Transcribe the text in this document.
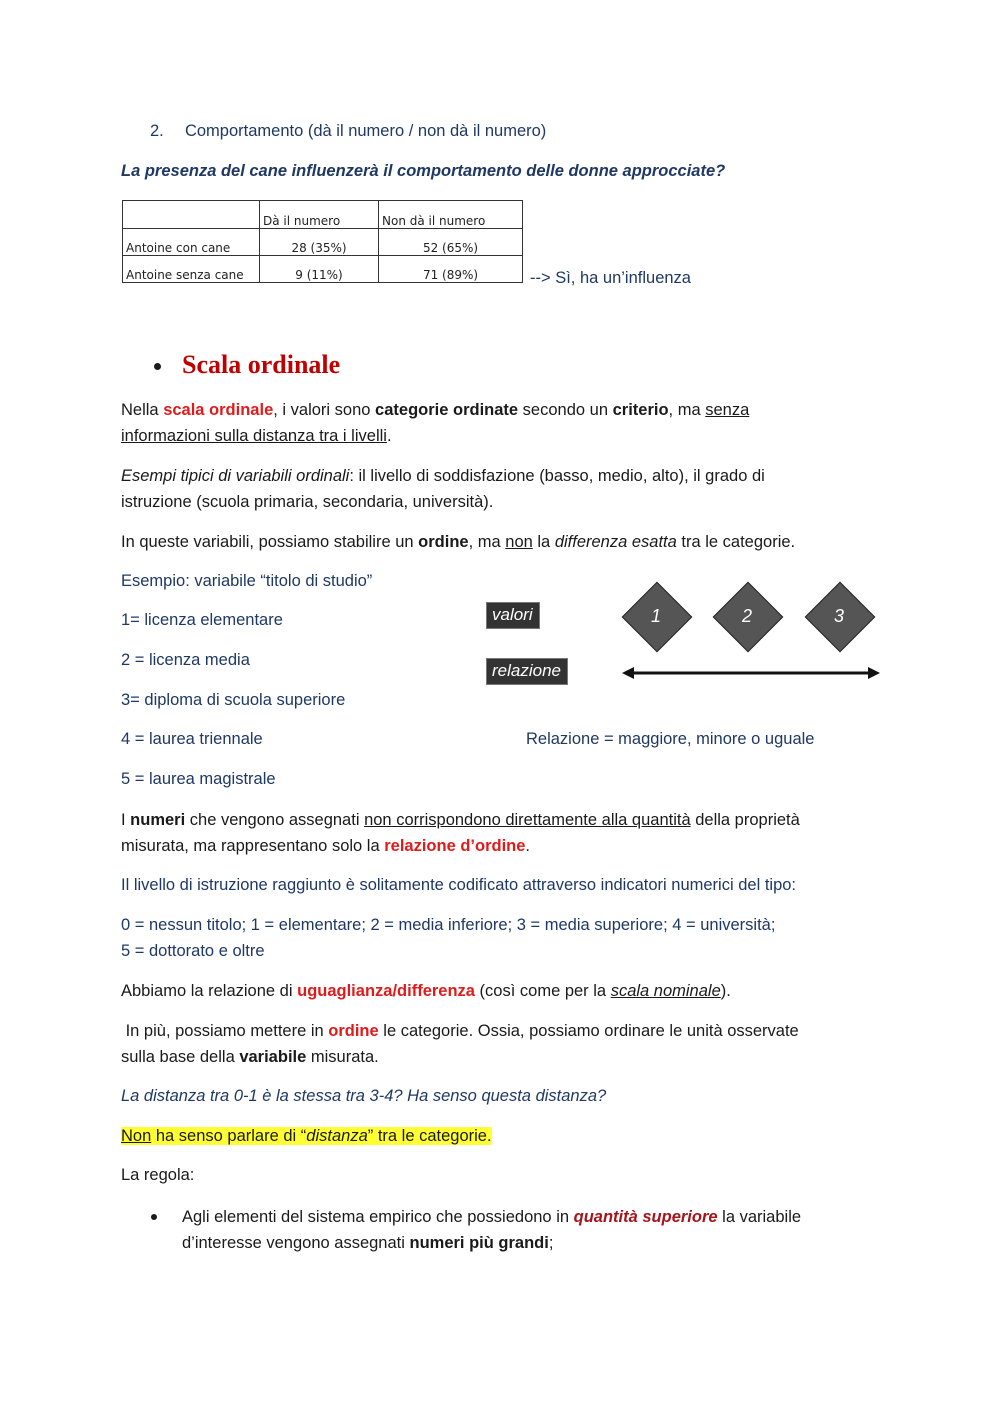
2. Comportamento (dà il numero / non dà il numero)
La presenza del cane influenzerà il comportamento delle donne approcciate?
	Dà il numero	Non dà il numero
Antoine con cane	28 (35%)	52 (65%)
Antoine senza cane	9 (11%)	71 (89%)	--> Sì, ha un’influenza
Scala ordinale
Nella scala ordinale, i valori sono categorie ordinate secondo un criterio, ma senza
informazioni sulla distanza tra i livelli.
Esempi tipici di variabili ordinali: il livello di soddisfazione (basso, medio, alto), il grado di
istruzione (scuola primaria, secondaria, università).
In queste variabili, possiamo stabilire un ordine, ma non la differenza esatta tra le categorie.
Esempio: variabile “titolo di studio”
1= licenza elementare
2 = licenza media
3= diploma di scuola superiore
4 = laurea triennale
5 = laurea magistrale
valori
relazione
1	2	3
Relazione = maggiore, minore o uguale
I numeri che vengono assegnati non corrispondono direttamente alla quantità della proprietà
misurata, ma rappresentano solo la relazione d’ordine.
Il livello di istruzione raggiunto è solitamente codificato attraverso indicatori numerici del tipo:
0 = nessun titolo; 1 = elementare; 2 = media inferiore; 3 = media superiore; 4 = università;
5 = dottorato e oltre
Abbiamo la relazione di uguaglianza/differenza (così come per la scala nominale).
In più, possiamo mettere in ordine le categorie. Ossia, possiamo ordinare le unità osservate
sulla base della variabile misurata.
La distanza tra 0-1 è la stessa tra 3-4? Ha senso questa distanza?
Non ha senso parlare di “distanza” tra le categorie.
La regola:
Agli elementi del sistema empirico che possiedono in quantità superiore la variabile
d’interesse vengono assegnati numeri più grandi;
